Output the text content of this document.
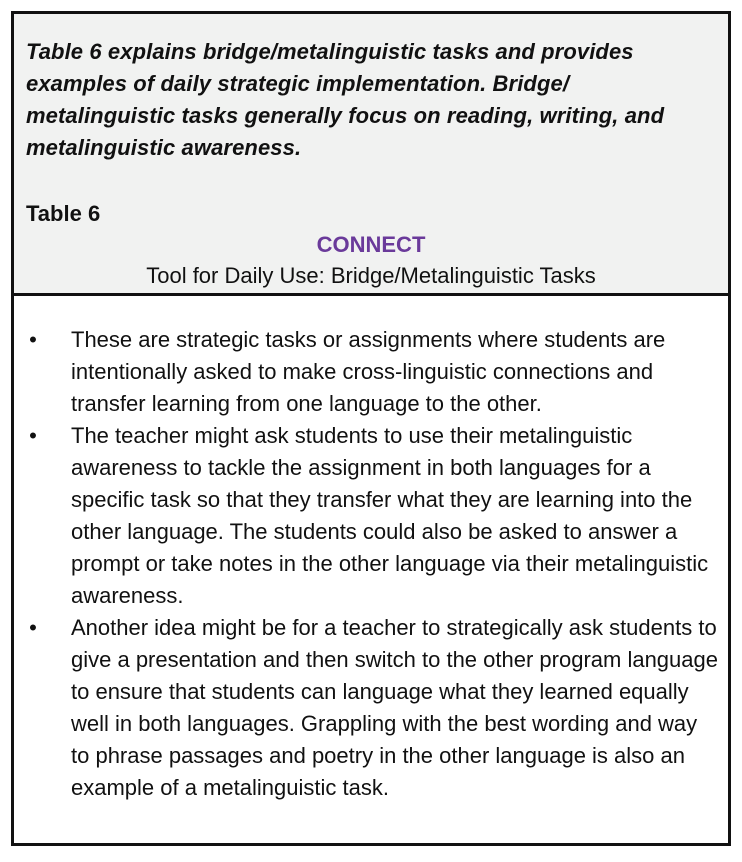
Table 6 explains bridge/metalinguistic tasks and provides examples of daily strategic implementation. Bridge/ metalinguistic tasks generally focus on reading, writing, and metalinguistic awareness.

Table 6
CONNECT
Tool for Daily Use: Bridge/Metalinguistic Tasks
• These are strategic tasks or assignments where students are intentionally asked to make cross-linguistic connections and transfer learning from one language to the other.
• The teacher might ask students to use their metalinguistic awareness to tackle the assignment in both languages for a specific task so that they transfer what they are learning into the other language. The students could also be asked to answer a prompt or take notes in the other language via their metalinguistic awareness.
• Another idea might be for a teacher to strategically ask students to give a presentation and then switch to the other program language to ensure that students can language what they learned equally well in both languages. Grappling with the best wording and way to phrase passages and poetry in the other language is also an example of a metalinguistic task.
